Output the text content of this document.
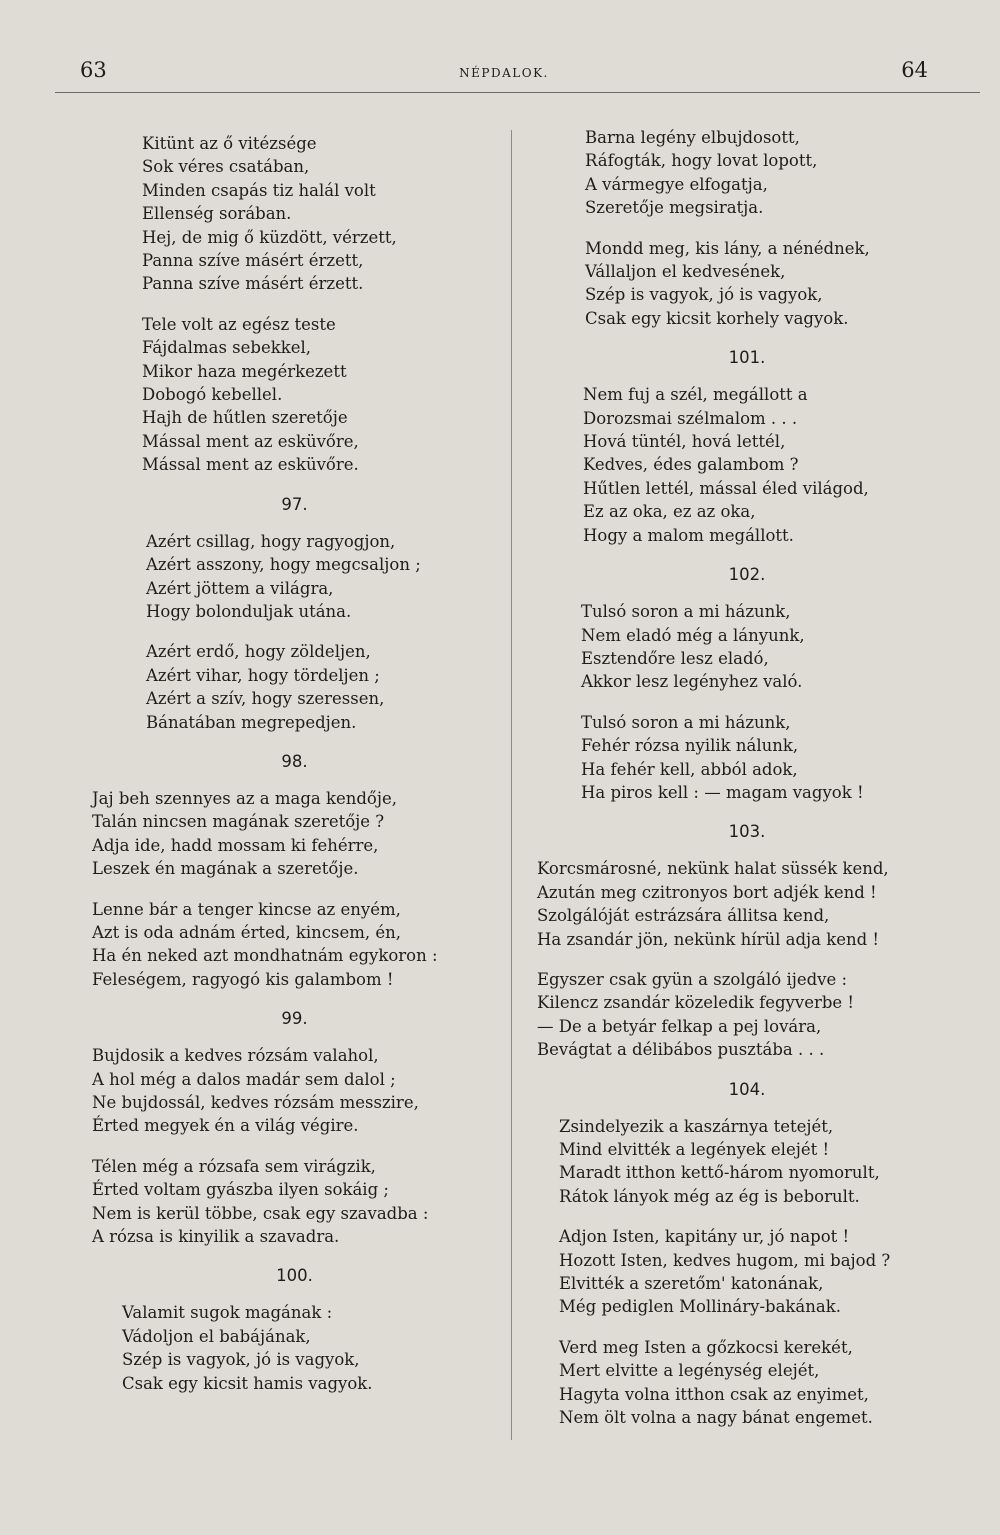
63	NÉPDALOK.	64
Kitünt az ő vitézsége
Sok véres csatában,
Minden csapás tiz halál volt
Ellenség sorában.
Hej, de mig ő küzdött, vérzett,
Panna szíve másért érzett,
Panna szíve másért érzett.
Tele volt az egész teste
Fájdalmas sebekkel,
Mikor haza megérkezett
Dobogó kebellel.
Hajh de hűtlen szeretője
Mással ment az esküvőre,
Mással ment az esküvőre.
97.
Azért csillag, hogy ragyogjon,
Azért asszony, hogy megcsaljon ;
Azért jöttem a világra,
Hogy bolonduljak utána.
Azért erdő, hogy zöldeljen,
Azért vihar, hogy tördeljen ;
Azért a szív, hogy szeressen,
Bánatában megrepedjen.
98.
Jaj beh szennyes az a maga kendője,
Talán nincsen magának szeretője ?
Adja ide, hadd mossam ki fehérre,
Leszek én magának a szeretője.
Lenne bár a tenger kincse az enyém,
Azt is oda adnám érted, kincsem, én,
Ha én neked azt mondhatnám egykoron :
Feleségem, ragyogó kis galambom !
99.
Bujdosik a kedves rózsám valahol,
A hol még a dalos madár sem dalol ;
Ne bujdossál, kedves rózsám messzire,
Érted megyek én a világ végire.
Télen még a rózsafa sem virágzik,
Érted voltam gyászba ilyen sokáig ;
Nem is kerül többe, csak egy szavadba :
A rózsa is kinyilik a szavadra.
100.
Valamit sugok magának :
Vádoljon el babájának,
Szép is vagyok, jó is vagyok,
Csak egy kicsit hamis vagyok.
Barna legény elbujdosott,
Ráfogták, hogy lovat lopott,
A vármegye elfogatja,
Szeretője megsiratja.
Mondd meg, kis lány, a nénédnek,
Vállaljon el kedvesének,
Szép is vagyok, jó is vagyok,
Csak egy kicsit korhely vagyok.
101.
Nem fuj a szél, megállott a
Dorozsmai szélmalom . . .
Hová tüntél, hová lettél,
Kedves, édes galambom ?
Hűtlen lettél, mással éled világod,
Ez az oka, ez az oka,
Hogy a malom megállott.
102.
Tulsó soron a mi házunk,
Nem eladó még a lányunk,
Esztendőre lesz eladó,
Akkor lesz legényhez való.
Tulsó soron a mi házunk,
Fehér rózsa nyilik nálunk,
Ha fehér kell, abból adok,
Ha piros kell : — magam vagyok !
103.
Korcsmárosné, nekünk halat süssék kend,
Azután meg czitronyos bort adjék kend !
Szolgálóját estrázsára állitsa kend,
Ha zsandár jön, nekünk hírül adja kend !
Egyszer csak gyün a szolgáló ijedve :
Kilencz zsandár közeledik fegyverbe !
— De a betyár felkap a pej lovára,
Bevágtat a délibábos pusztába . . .
104.
Zsindelyezik a kaszárnya tetejét,
Mind elvitték a legények elejét !
Maradt itthon kettő-három nyomorult,
Rátok lányok még az ég is beborult.
Adjon Isten, kapitány ur, jó napot !
Hozott Isten, kedves hugom, mi bajod ?
Elvitték a szeretőm' katonának,
Még pediglen Mollináry-bakának.
Verd meg Isten a gőzkocsi kerekét,
Mert elvitte a legénység elejét,
Hagyta volna itthon csak az enyimet,
Nem ölt volna a nagy bánat engemet.
